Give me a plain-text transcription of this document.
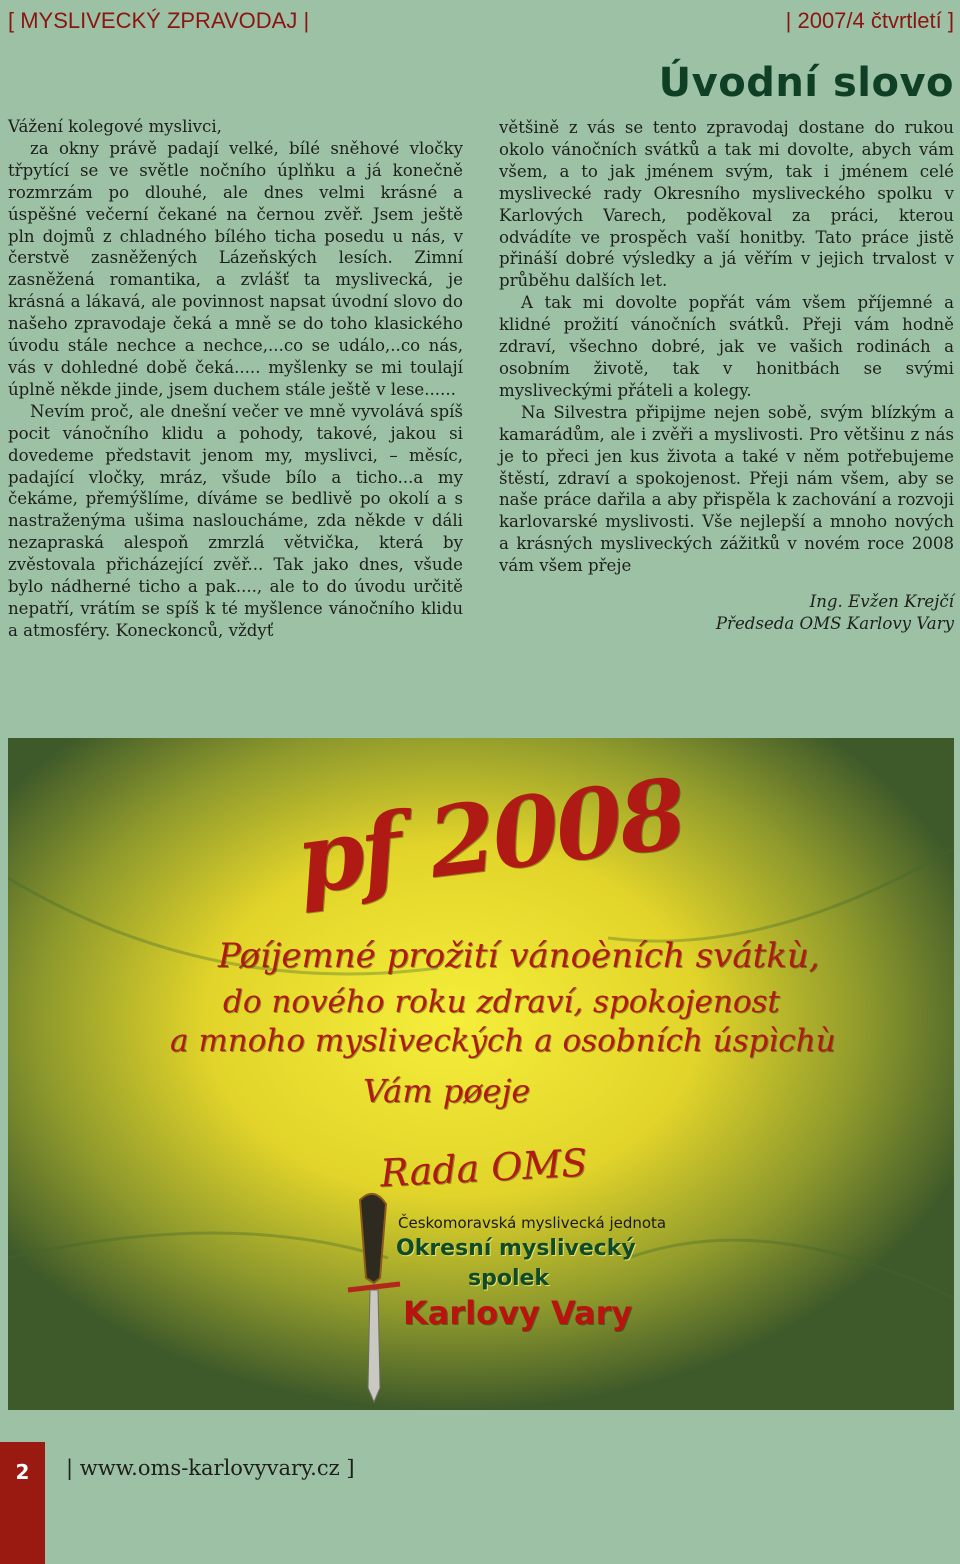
[ MYSLIVECKÝ ZPRAVODAJ |	| 2007/4 čtvrtletí ]
Úvodní slovo

Vážení kolegové myslivci,

za okny právě padají velké, bílé sněhové vločky třpytící se ve světle nočního úplňku a já konečně rozmrzám po dlouhé, ale dnes velmi krásné a úspěšné večerní čekané na černou zvěř. Jsem ještě pln dojmů z chladného bílého ticha posedu u nás, v čerstvě zasněžených Lázeňských lesích. Zimní zasněžená romantika, a zvlášť ta myslivecká, je krásná a lákavá, ale povinnost napsat úvodní slovo do našeho zpravodaje čeká a mně se do toho klasického úvodu stále nechce a nechce,...co se událo,..co nás, vás v dohledné době čeká..... myšlenky se mi toulají úplně někde jinde, jsem duchem stále ještě v lese......

Nevím proč, ale dnešní večer ve mně vyvolává spíš pocit vánočního klidu a pohody, takové, jakou si dovedeme představit jenom my, myslivci, – měsíc, padající vločky, mráz, všude bílo a ticho...a my čekáme, přemýšlíme, díváme se bedlivě po okolí a s nastraženýma ušima nasloucháme, zda někde v dáli nezapraská alespoň zmrzlá větvička, která by zvěstovala přicházející zvěř... Tak jako dnes, všude bylo nádherné ticho a pak...., ale to do úvodu určitě nepatří, vrátím se spíš k té myšlence vánočního klidu a atmosféry. Koneckonců, vždyť

většině z vás se tento zpravodaj dostane do rukou okolo vánočních svátků a tak mi dovolte, abych vám všem, a to jak jménem svým, tak i jménem celé myslivecké rady Okresního mysliveckého spolku v Karlových Varech, poděkoval za práci, kterou odvádíte ve prospěch vaší honitby. Tato práce jistě přináší dobré výsledky a já věřím v jejich trvalost v průběhu dalších let.

A tak mi dovolte popřát vám všem příjemné a klidné prožití vánočních svátků. Přeji vám hodně zdraví, všechno dobré, jak ve vašich rodinách a osobním životě, tak v honitbách se svými mysliveckými přáteli a kolegy.

Na Silvestra připijme nejen sobě, svým blízkým a kamarádům, ale i zvěři a myslivosti. Pro většinu z nás je to přeci jen kus života a také v něm potřebujeme štěstí, zdraví a spokojenost. Přeji nám všem, aby se naše práce dařila a aby přispěla k zachování a rozvoji karlovarské myslivosti. Vše nejlepší a mnoho nových a krásných mysliveckých zážitků v novém roce 2008 vám všem přeje

Ing. Evžen Krejčí

Předseda OMS Karlovy Vary

pf 2008
Pøíjemné prožití vánoèních svátkù,
do nového roku zdraví, spokojenost
a mnoho mysliveckých a osobních úspìchù
Vám pøeje
Rada OMS
Českomoravská myslivecká jednota
Okresní myslivecký
spolek
Karlovy Vary
2	| www.oms-karlovyvary.cz ]
